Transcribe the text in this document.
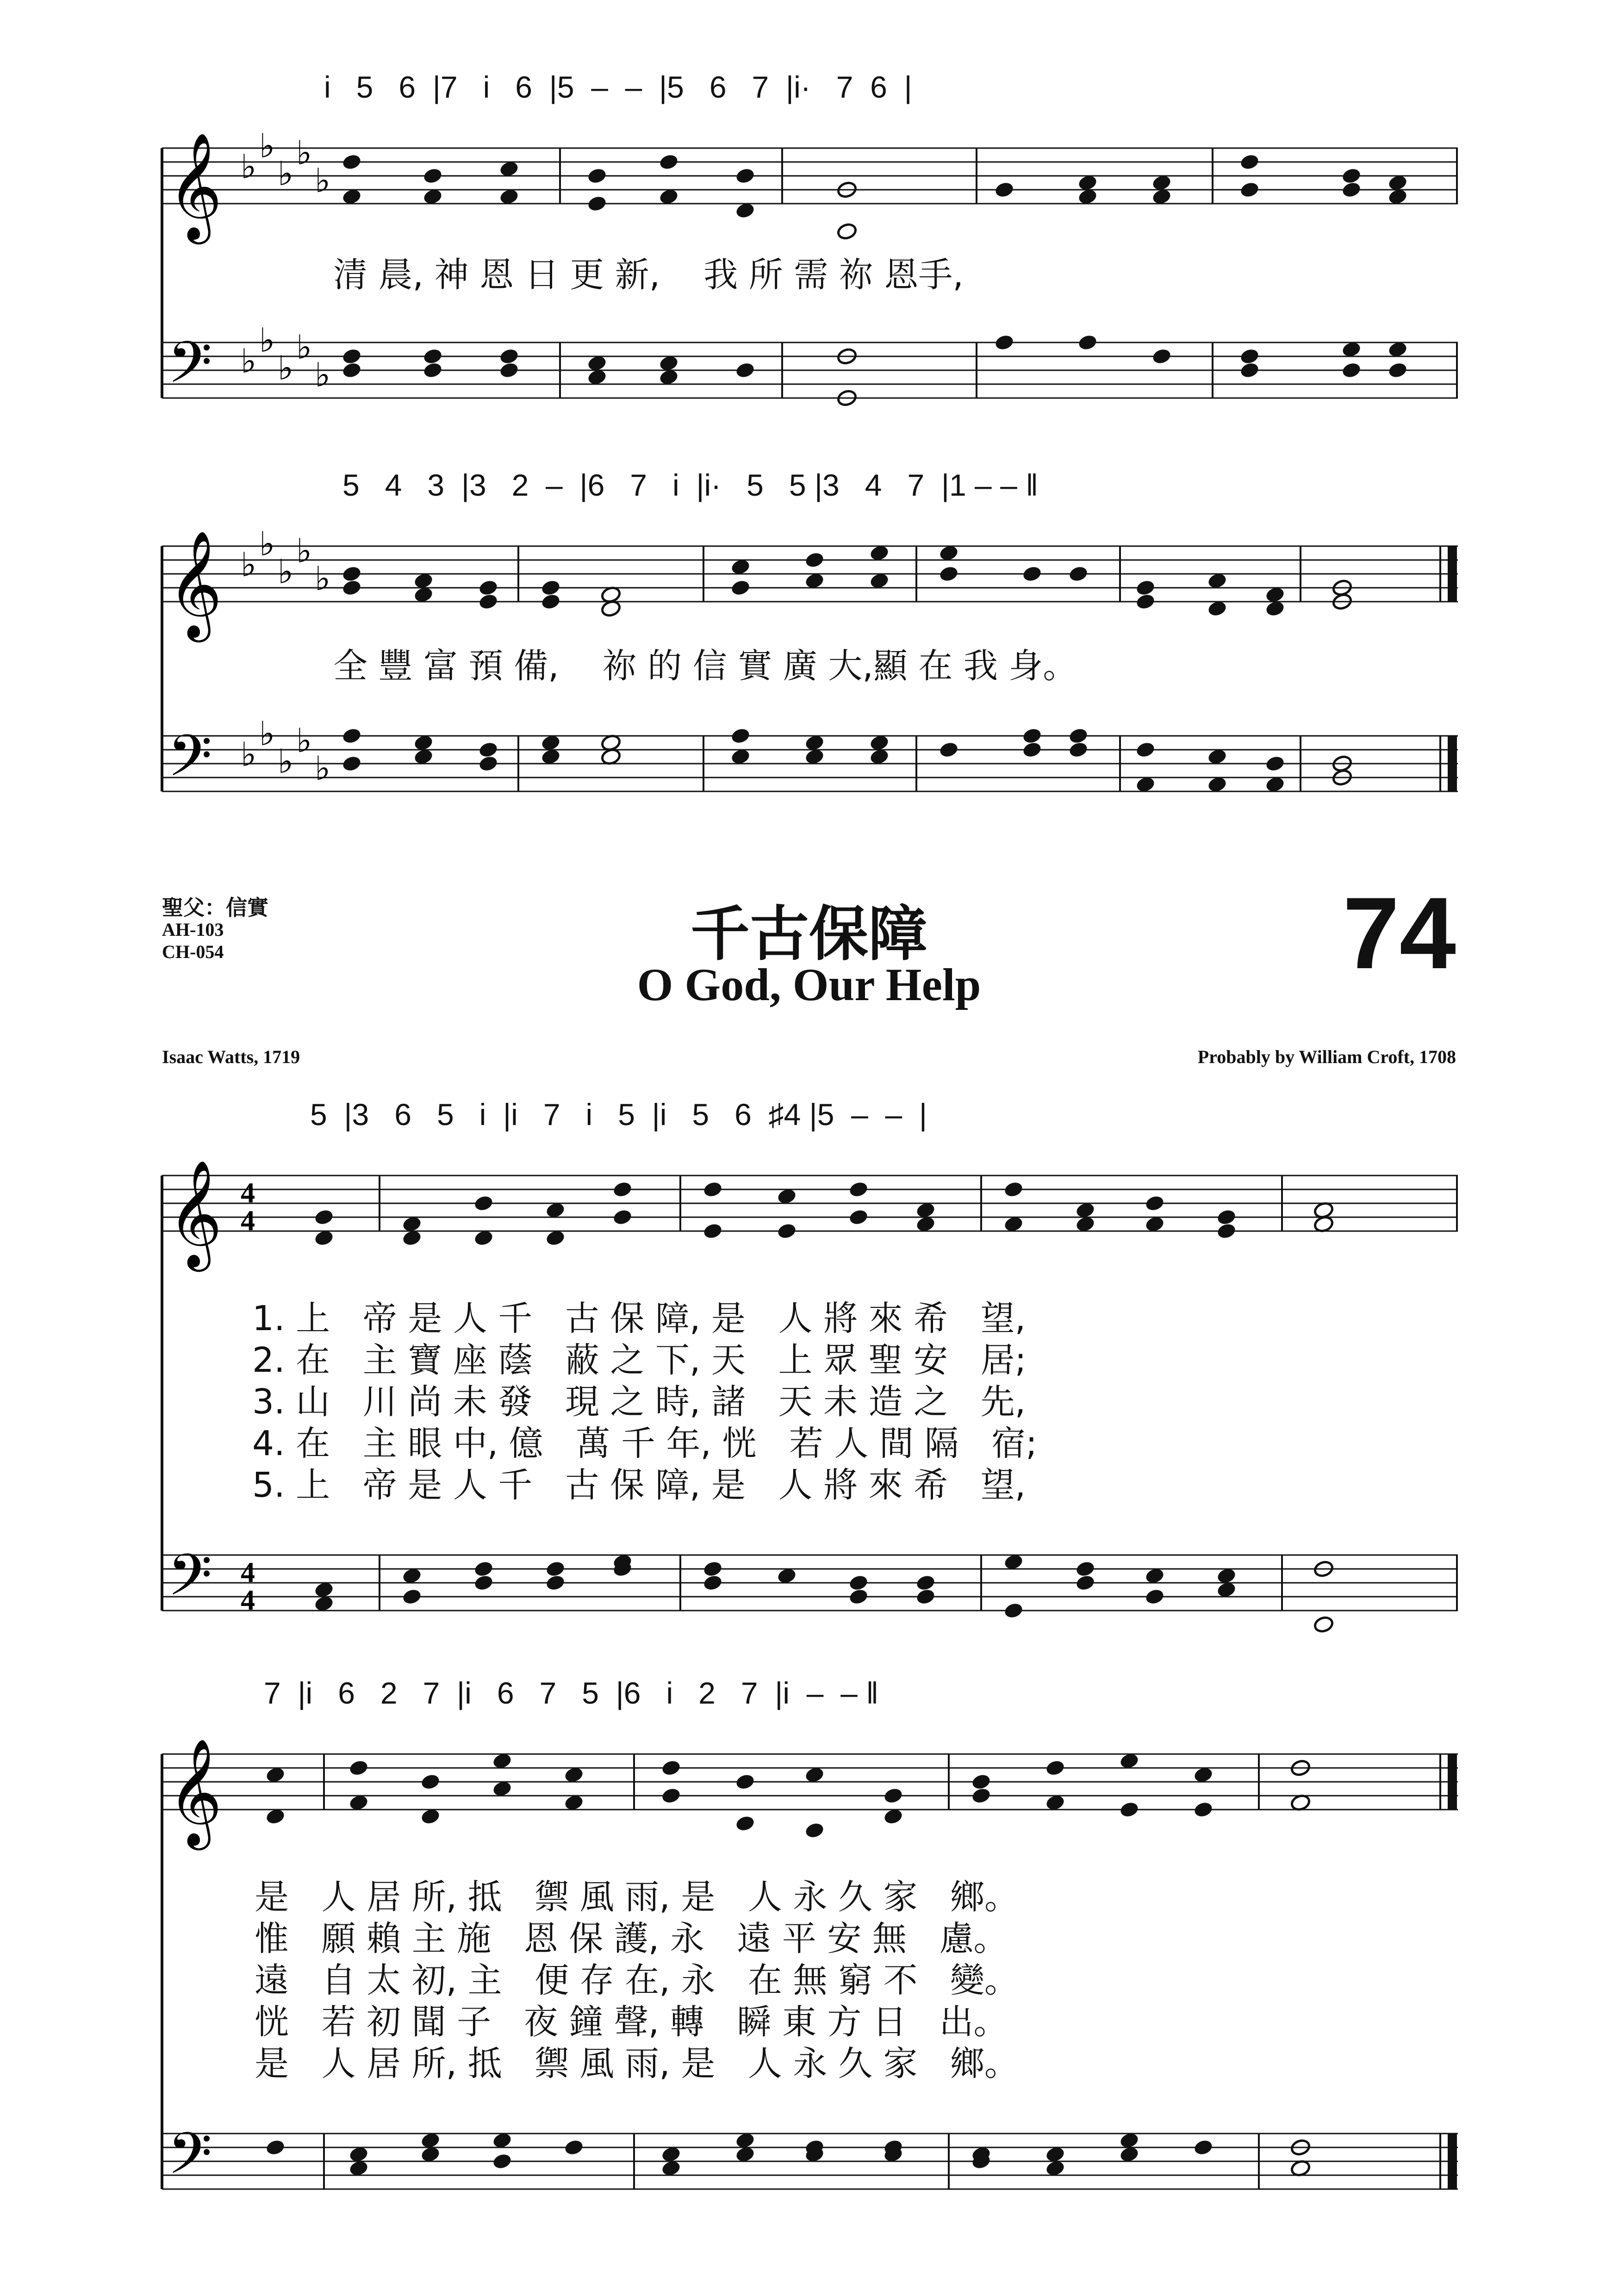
𝄞
𝄢
♭
♭
♭
♭
♭
♭
♭
♭
♭
♭
𝄞
𝄢
♭
♭
♭
♭
♭
♭
♭
♭
♭
♭
𝄞
𝄢
4
4
4
4
𝄞
𝄢
i   5   6  |7   i   6  |5  –  –  |5   6   7  |i·   7  6  |
清 晨, 神 恩 日 更 新,    我 所 需 祢 恩手,
5   4   3  |3   2  –  |6   7   i  |i·   5   5 |3   4   7  |1 – – ‖
全 豐 富 預 備,    祢 的 信 實 廣 大,顯 在 我 身。
聖父：信實
AH-103
CH-054	千古保障
O God, Our Help	74
Isaac Watts, 1719	Probably by William Croft, 1708
5  |3   6   5   i  |i   7   i   5  |i   5   6  ♯4 |5  –  –  |
1. 上   帝 是 人 千   古 保 障, 是   人 將 來 希   望,
2. 在   主 寶 座 蔭   蔽 之 下, 天   上 眾 聖 安   居;
3. 山   川 尚 未 發   現 之 時, 諸   天 未 造 之   先,
4. 在   主 眼 中, 億   萬 千 年, 恍   若 人 間 隔   宿;
5. 上   帝 是 人 千   古 保 障, 是   人 將 來 希   望,
7  |i   6   2   7  |i   6   7   5  |6   i   2   7  |i  –  – ‖
是   人 居 所, 抵   禦 風 雨, 是   人 永 久 家   鄉。
惟   願 賴 主 施   恩 保 護, 永   遠 平 安 無   慮。
遠   自 太 初, 主   便 存 在, 永   在 無 窮 不   變。
恍   若 初 聞 子   夜 鐘 聲, 轉   瞬 東 方 日   出。
是   人 居 所, 抵   禦 風 雨, 是   人 永 久 家   鄉。
